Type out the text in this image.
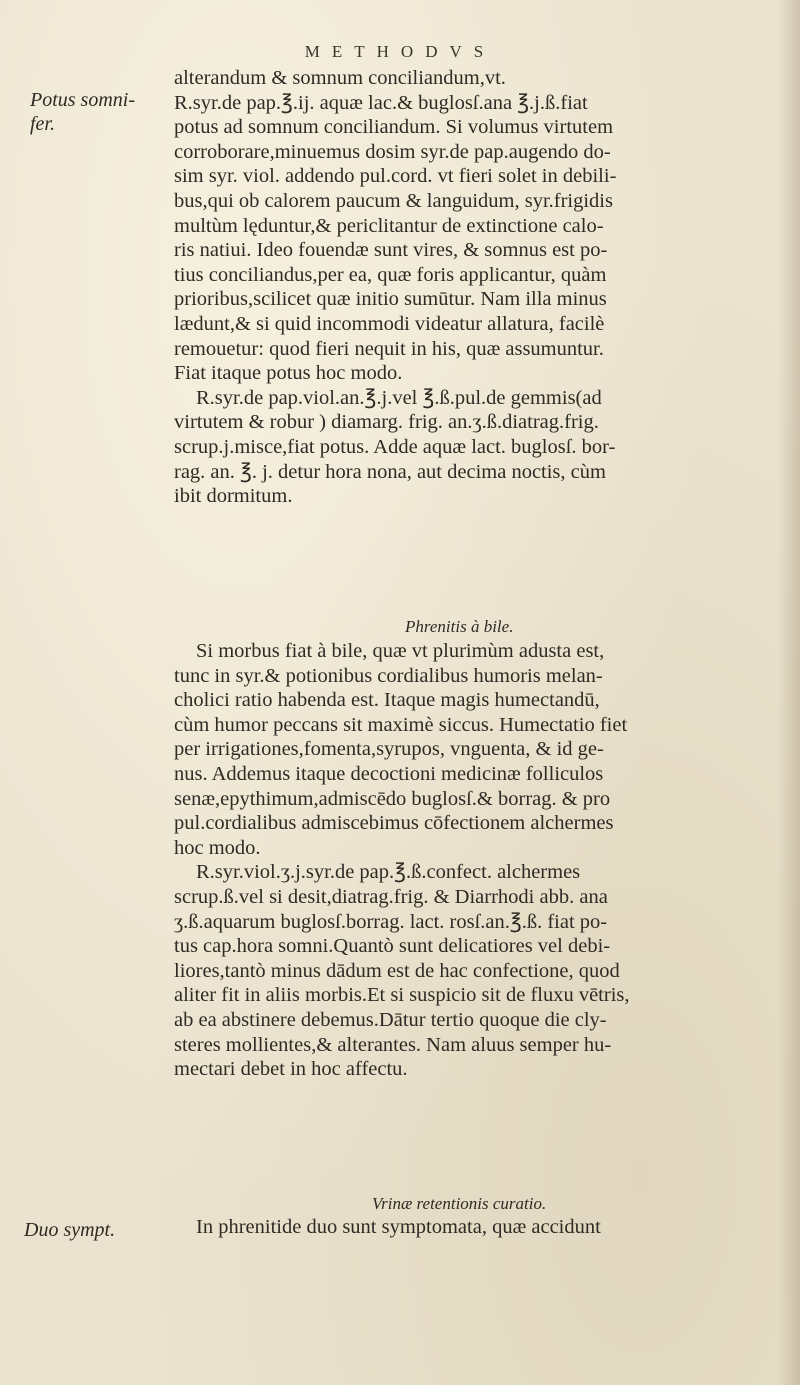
METHODVS
Potus somni-
fer.
Duo sympt.
alterandum & somnum conciliandum,vt.
R.syr.de pap.℥.ij. aquæ lac.& buglosſ.ana ℥.j.ß.fiat
potus ad somnum conciliandum. Si volumus virtutem
corroborare,minuemus dosim syr.de pap.augendo do-
sim syr. viol. addendo pul.cord. vt fieri solet in debili-
bus,qui ob calorem paucum & languidum, syr.frigidis
multùm lęduntur,& periclitantur de extinctione calo-
ris natiui. Ideo fouendæ sunt vires, & somnus est po-
tius conciliandus,per ea, quæ foris applicantur, quàm
prioribus,scilicet quæ initio sumūtur. Nam illa minus
lædunt,& si quid incommodi videatur allatura, facilè
remouetur: quod fieri nequit in his, quæ assumuntur.
Fiat itaque potus hoc modo.
R.syr.de pap.viol.an.℥.j.vel ℥.ß.pul.de gemmis(ad
virtutem & robur ) diamarg. frig. an.ʒ.ß.diatrag.frig.
scrup.j.misce,fiat potus. Adde aquæ lact. buglosſ. bor-
rag. an. ℥. j. detur hora nona, aut decima noctis, cùm
ibit dormitum.
Phrenitis à bile.
Si morbus fiat à bile, quæ vt plurimùm adusta est,
tunc in syr.& potionibus cordialibus humoris melan-
cholici ratio habenda est. Itaque magis humectandū,
cùm humor peccans sit maximè siccus. Humectatio fiet
per irrigationes,fomenta,syrupos, vnguenta, & id ge-
nus. Addemus itaque decoctioni medicinæ folliculos
senæ,epythimum,admiscēdo buglosſ.& borrag. & pro
pul.cordialibus admiscebimus cōfectionem alchermes
hoc modo.
R.syr.viol.ʒ.j.syr.de pap.℥.ß.confect. alchermes
scrup.ß.vel si desit,diatrag.frig. & Diarrhodi abb. ana
ʒ.ß.aquarum buglosſ.borrag. lact. rosſ.an.℥.ß. fiat po-
tus cap.hora somni.Quantò sunt delicatiores vel debi-
liores,tantò minus dādum est de hac confectione, quod
aliter fit in aliis morbis.Et si suspicio sit de fluxu vētris,
ab ea abstinere debemus.Dātur tertio quoque die cly-
steres mollientes,& alterantes. Nam aluus semper hu-
mectari debet in hoc affectu.
Vrinæ retentionis curatio.
In phrenitide duo sunt symptomata, quæ accidunt
